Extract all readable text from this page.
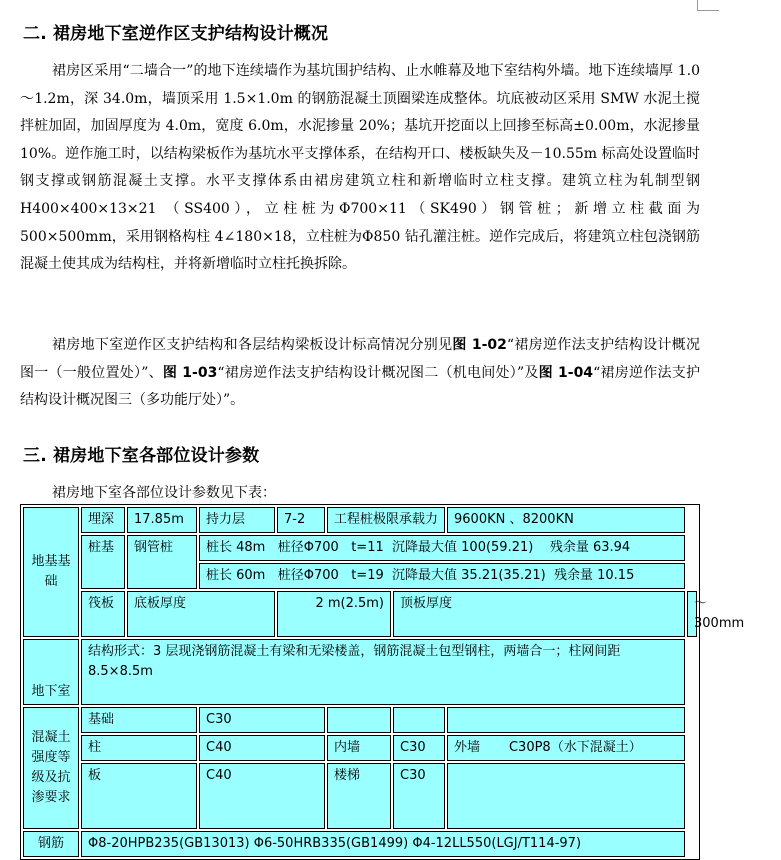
二. 裙房地下室逆作区支护结构设计概况

裙房区采用“二墙合一”的地下连续墙作为基坑围护结构、止水帷幕及地下室结构外墙。地下连续墙厚 1.0～1.2m，深 34.0m，墙顶采用 1.5×1.0m 的钢筋混凝土顶圈梁连成整体。坑底被动区采用 SMW 水泥土搅拌桩加固，加固厚度为 4.0m，宽度 6.0m，水泥掺量 20%；基坑开挖面以上回掺至标高±0.00m，水泥掺量 10%。逆作施工时，以结构梁板作为基坑水平支撑体系，在结构开口、楼板缺失及－10.55m 标高处设置临时钢支撑或钢筋混凝土支撑。水平支撑体系由裙房建筑立柱和新增临时立柱支撑。建筑立柱为轧制型钢 H400×400×13×21 （SS400），立柱桩为Φ700×11（SK490）钢管桩；新增立柱截面为 500×500mm，采用钢格构柱 4∠180×18，立柱桩为Φ850 钻孔灌注桩。逆作完成后，将建筑立柱包浇钢筋混凝土使其成为结构柱，并将新增临时立柱托换拆除。

裙房地下室逆作区支护结构和各层结构梁板设计标高情况分别见图 1-02“裙房逆作法支护结构设计概况图一（一般位置处）”、图 1-03“裙房逆作法支护结构设计概况图二（机电间处）”及图 1-04“裙房逆作法支护结构设计概况图三（多功能厅处）”。

三. 裙房地下室各部位设计参数

裙房地下室各部位设计参数见下表：

地基基础	埋深	17.85m	持力层	7-2	工程桩极限承载力		9600KN 、8200KN	
	桩基	钢管桩	桩长 48m 桩径Φ700 t=11 沉降最大值 100(59.21) 残余量 63.94					
			桩长 60m 桩径Φ700 t=19 沉降最大值 35.21(35.21) 残余量 10.15					
	筏板	底板厚度		2 m(2.5m)		顶板厚度		～300mm
地下室	结构形式：3 层现浇钢筋混凝土有梁和无梁楼盖，钢筋混凝土包型钢柱，两墙合一；柱网间距 8.5×8.5m							
混凝土强度等级及抗渗要求	基础		C30					
	柱		C40		内墙	C30	外墙 C30P8（水下混凝土）	
	板		C40		楼梯	C30		
钢筋	Φ8-20HPB235(GB13013) Φ6-50HRB335(GB1499) Φ4-12LL550(LGJ/T114-97)							
